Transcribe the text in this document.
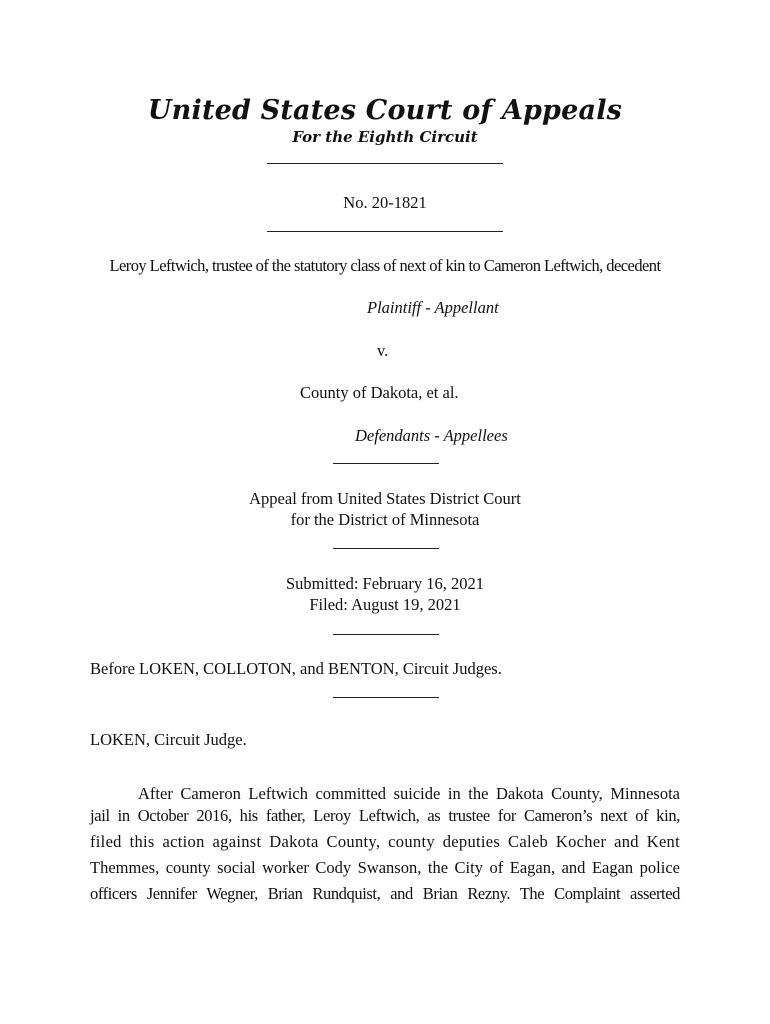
United States Court of Appeals
For the Eighth Circuit
No. 20-1821
Leroy Leftwich, trustee of the statutory class of next of kin to Cameron Leftwich, decedent
Plaintiff - Appellant
v.
County of Dakota, et al.
Defendants - Appellees
Appeal from United States District Court
for the District of Minnesota
Submitted: February 16, 2021
Filed: August 19, 2021
Before LOKEN, COLLOTON, and BENTON, Circuit Judges.
LOKEN, Circuit Judge.
After Cameron Leftwich committed suicide in the Dakota County, Minnesota
jail in October 2016, his father, Leroy Leftwich, as trustee for Cameron’s next of kin,
filed this action against Dakota County, county deputies Caleb Kocher and Kent
Themmes, county social worker Cody Swanson, the City of Eagan, and Eagan police
officers Jennifer Wegner, Brian Rundquist, and Brian Rezny. The Complaint asserted
